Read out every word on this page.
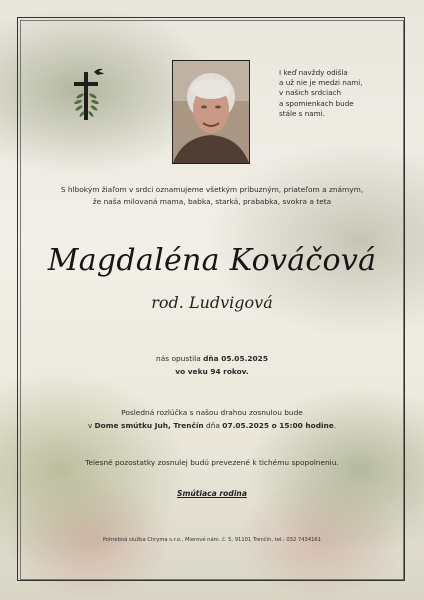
I keď navždy odišla
a už nie je medzi nami,
v našich srdciach
a spomienkach bude
stále s nami.
S hlbokým žiaľom v srdci oznamujeme všetkým príbuzným, priateľom a známym,
že naša milovaná mama, babka, starká, prababka, svokra a teta
Magdaléna Kováčová
rod. Ludvigová
nás opustila dňa 05.05.2025
vo veku 94 rokov.
Posledná rozlúčka s našou drahou zosnulou bude
v Dome smútku Juh, Trenčín dňa 07.05.2025 o 15:00 hodine.
Telesné pozostatky zosnulej budú prevezené k tichému spopolneniu.
Smútiaca rodina
Pohrebná služba Chryma s.r.o., Mierové nám. č. 5, 91101 Trenčín, tel.: 032 7434161
